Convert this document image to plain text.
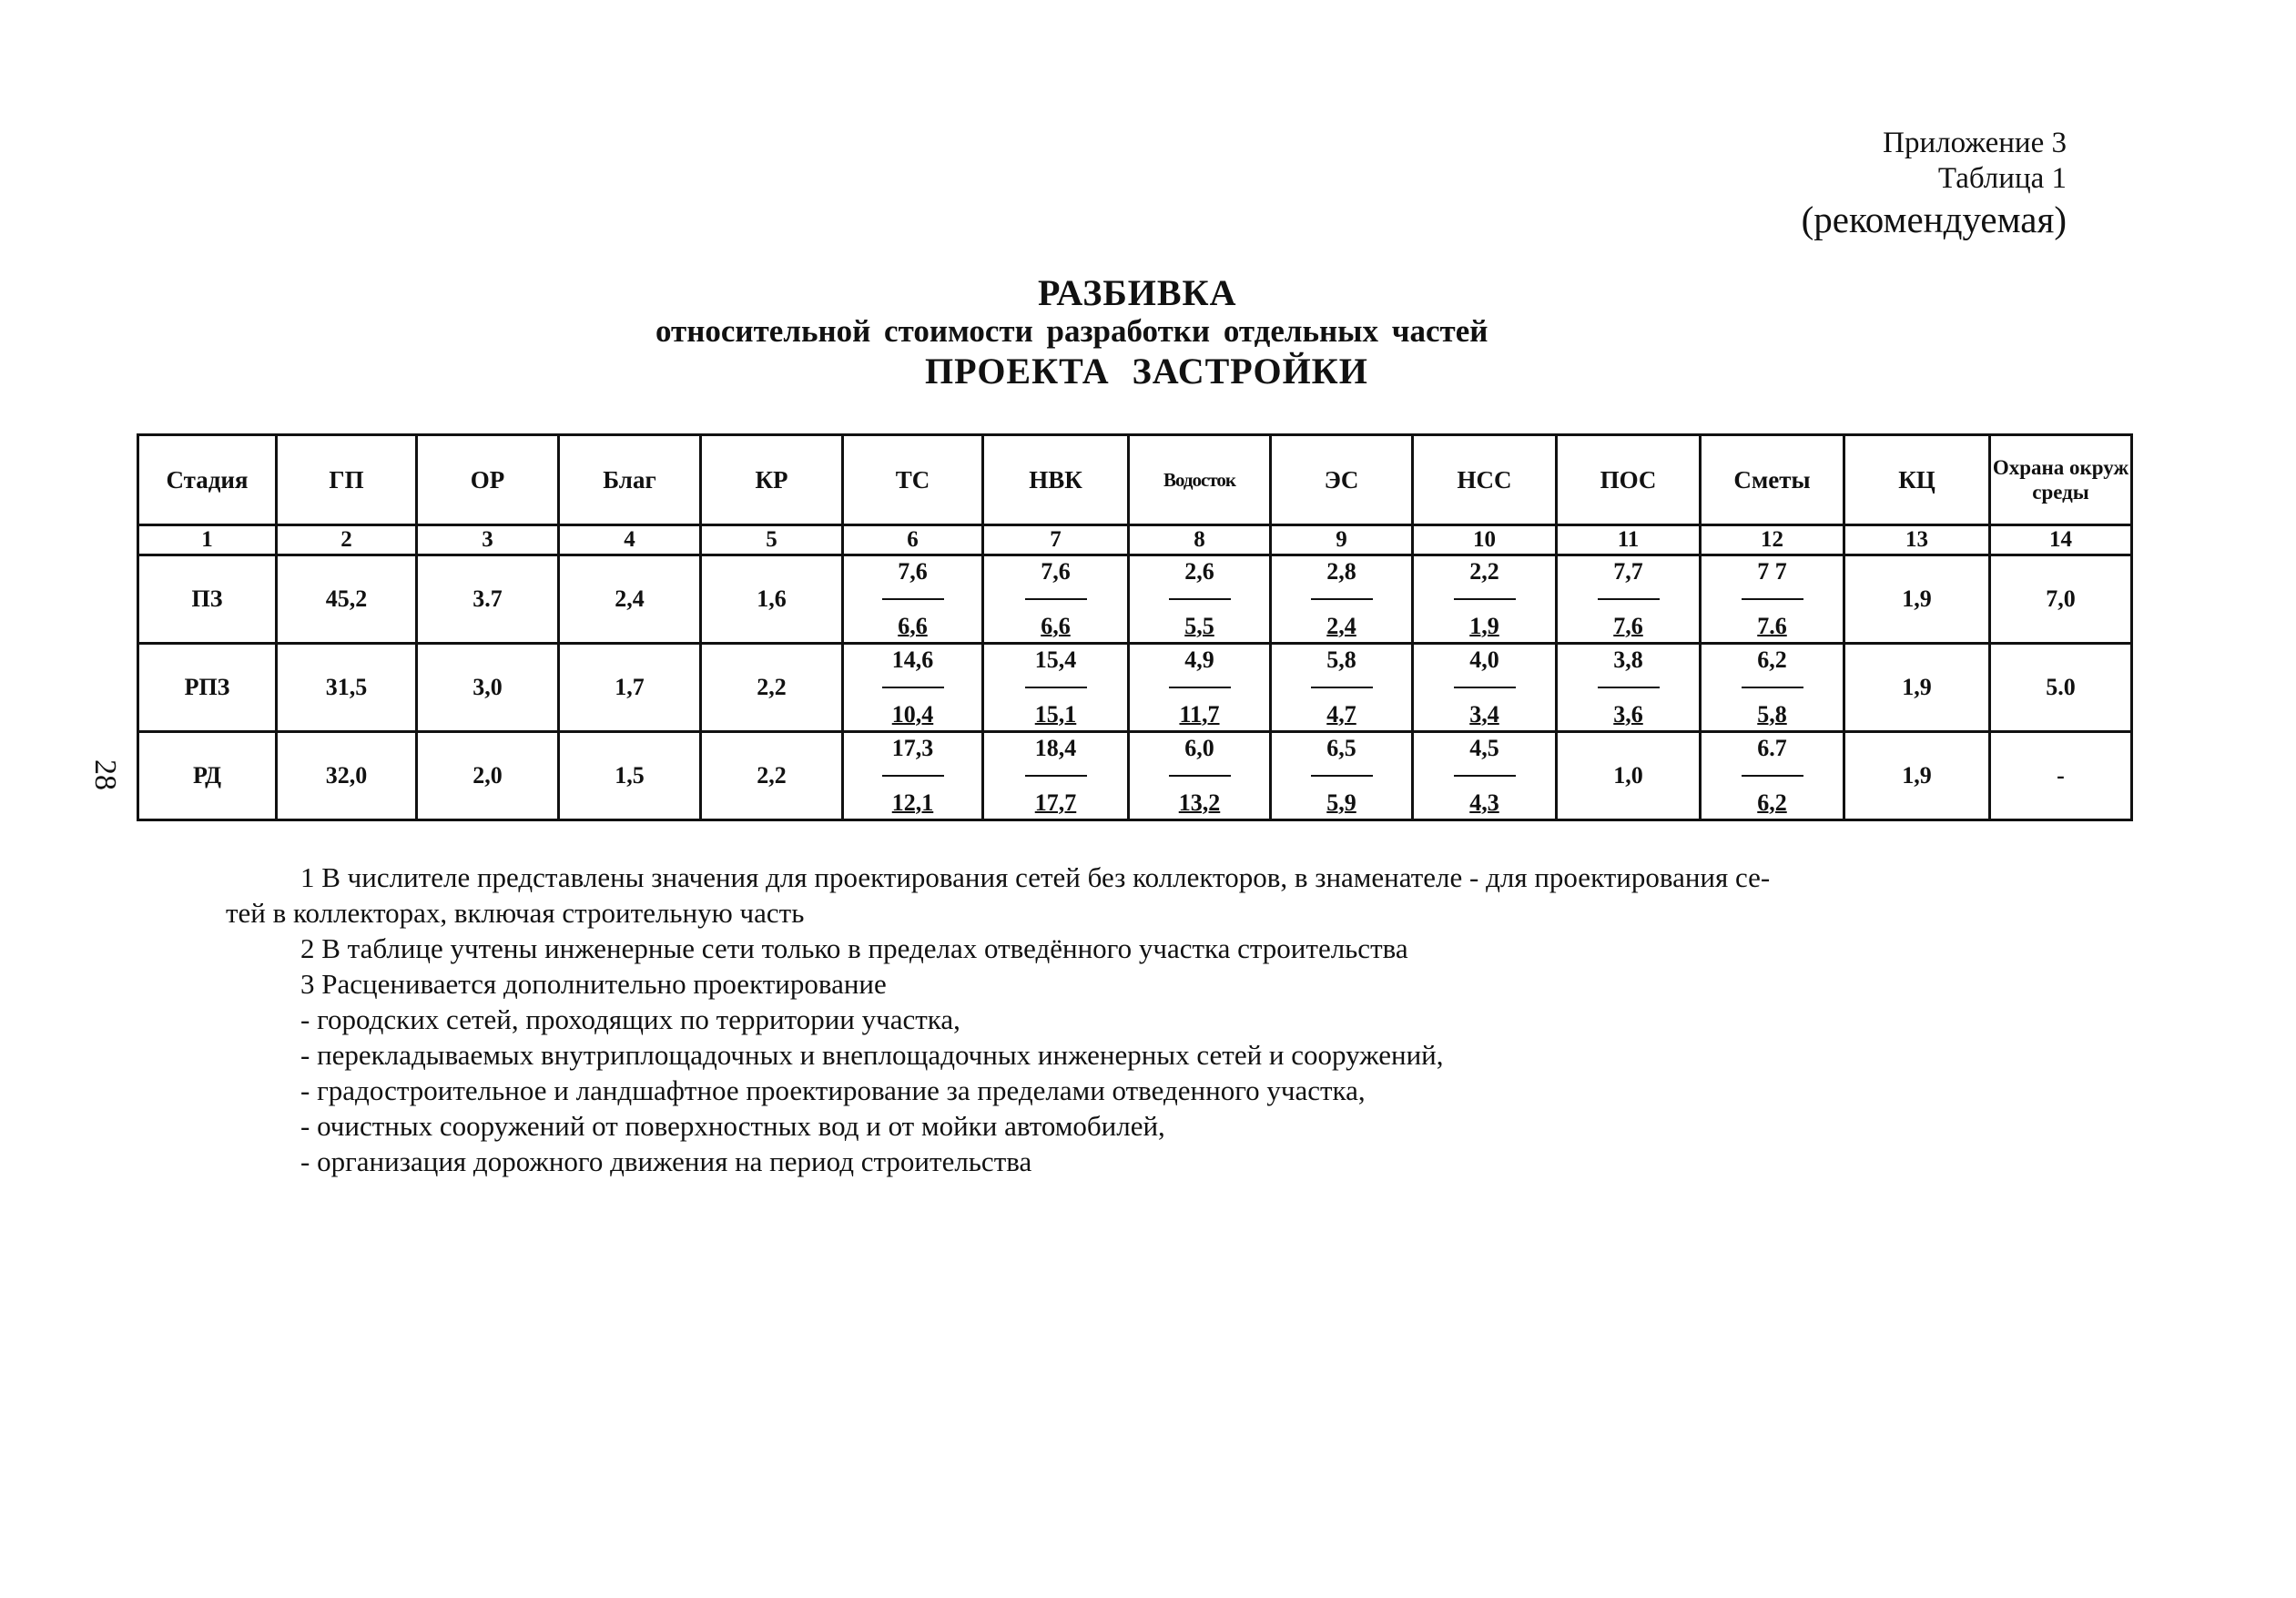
Приложение 3
Таблица 1
(рекомендуемая)
РАЗБИВКА
относительной стоимости разработки отдельных частей
ПРОЕКТА ЗАСТРОЙКИ
28
Стадия	ГП	ОР	Благ	КР	ТС	НВК	Водосток	ЭС	НСС	ПОС	Сметы	КЦ	Охрана окруж среды
1	2	3	4	5	6	7	8	9	10	11	12	13	14
ПЗ	45,2	3.7	2,4	1,6	$\frac{7,6}{6,6}$	$\frac{7,6}{6,6}$	$\frac{2,6}{5,5}$	$\frac{2,8}{2,4}$	$\frac{2,2}{1,9}$	$\frac{7,7}{7,6}$	$\frac{7 7}{7.6}$	1,9	7,0
РПЗ	31,5	3,0	1,7	2,2	$\frac{14,6}{10,4}$	$\frac{15,4}{15,1}$	$\frac{4,9}{11,7}$	$\frac{5,8}{4,7}$	$\frac{4,0}{3,4}$	$\frac{3,8}{3,6}$	$\frac{6,2}{5,8}$	1,9	5.0
РД	32,0	2,0	1,5	2,2	$\frac{17,3}{12,1}$	$\frac{18,4}{17,7}$	$\frac{6,0}{13,2}$	$\frac{6,5}{5,9}$	$\frac{4,5}{4,3}$	1,0	$\frac{6.7}{6,2}$	1,9	-

1 В числителе представлены значения для проектирования сетей без коллекторов, в знаменателе - для проектирования се-

тей в коллекторах, включая строительную часть

2 В таблице учтены инженерные сети только в пределах отведённого участка строительства

3 Расценивается дополнительно проектирование

- городских сетей, проходящих по территории участка,

- перекладываемых внутриплощадочных и внеплощадочных инженерных сетей и сооружений,

- градостроительное и ландшафтное проектирование за пределами отведенного участка,

- очистных сооружений от поверхностных вод и от мойки автомобилей,

- организация дорожного движения на период строительства
